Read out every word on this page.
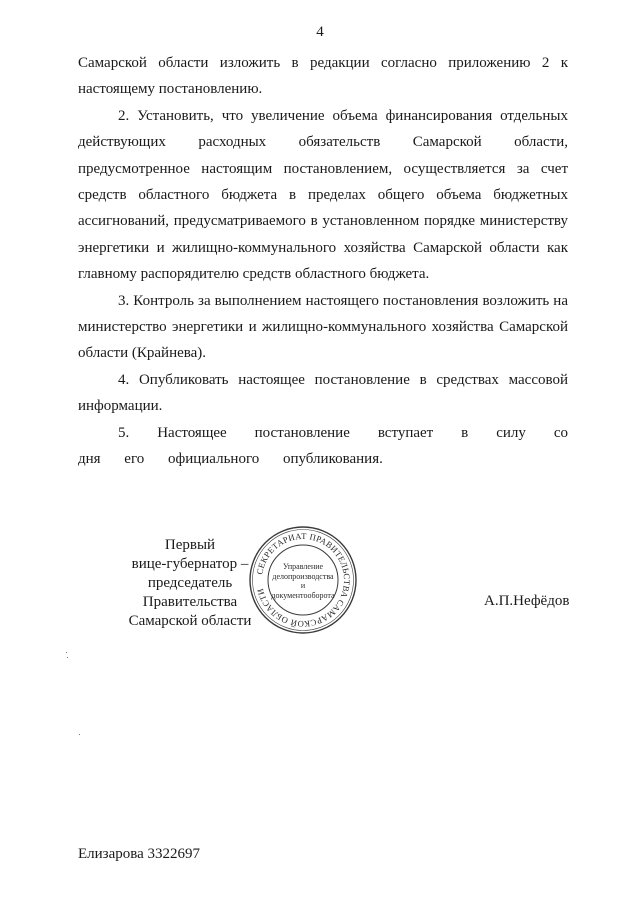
4

Самарской области изложить в редакции согласно приложению 2 к настоящему постановлению.

2. Установить, что увеличение объема финансирования отдельных действующих расходных обязательств Самарской области, предусмотренное настоящим постановлением, осуществляется за счет средств областного бюджета в пределах общего объема бюджетных ассигнований, предусматриваемого в установленном порядке министерству энергетики и жилищно-коммунального хозяйства Самарской области как главному распорядителю средств областного бюджета.

3. Контроль за выполнением настоящего постановления возложить на министерство энергетики и жилищно-коммунального хозяйства Самарской области (Крайнева).

4. Опубликовать настоящее постановление в средствах массовой информации.

5. Настоящее постановление вступает в силу со дня его официального опубликования.

Первый
вице-губернатор –
председатель Правительства
Самарской области
СЕКРЕТАРИАТ ПРАВИТЕЛЬСТВА САМАРСКОЙ ОБЛАСТИ
Управление
делопроизводства
и документооборота	А.П.Нефёдов
Елизарова 3322697
